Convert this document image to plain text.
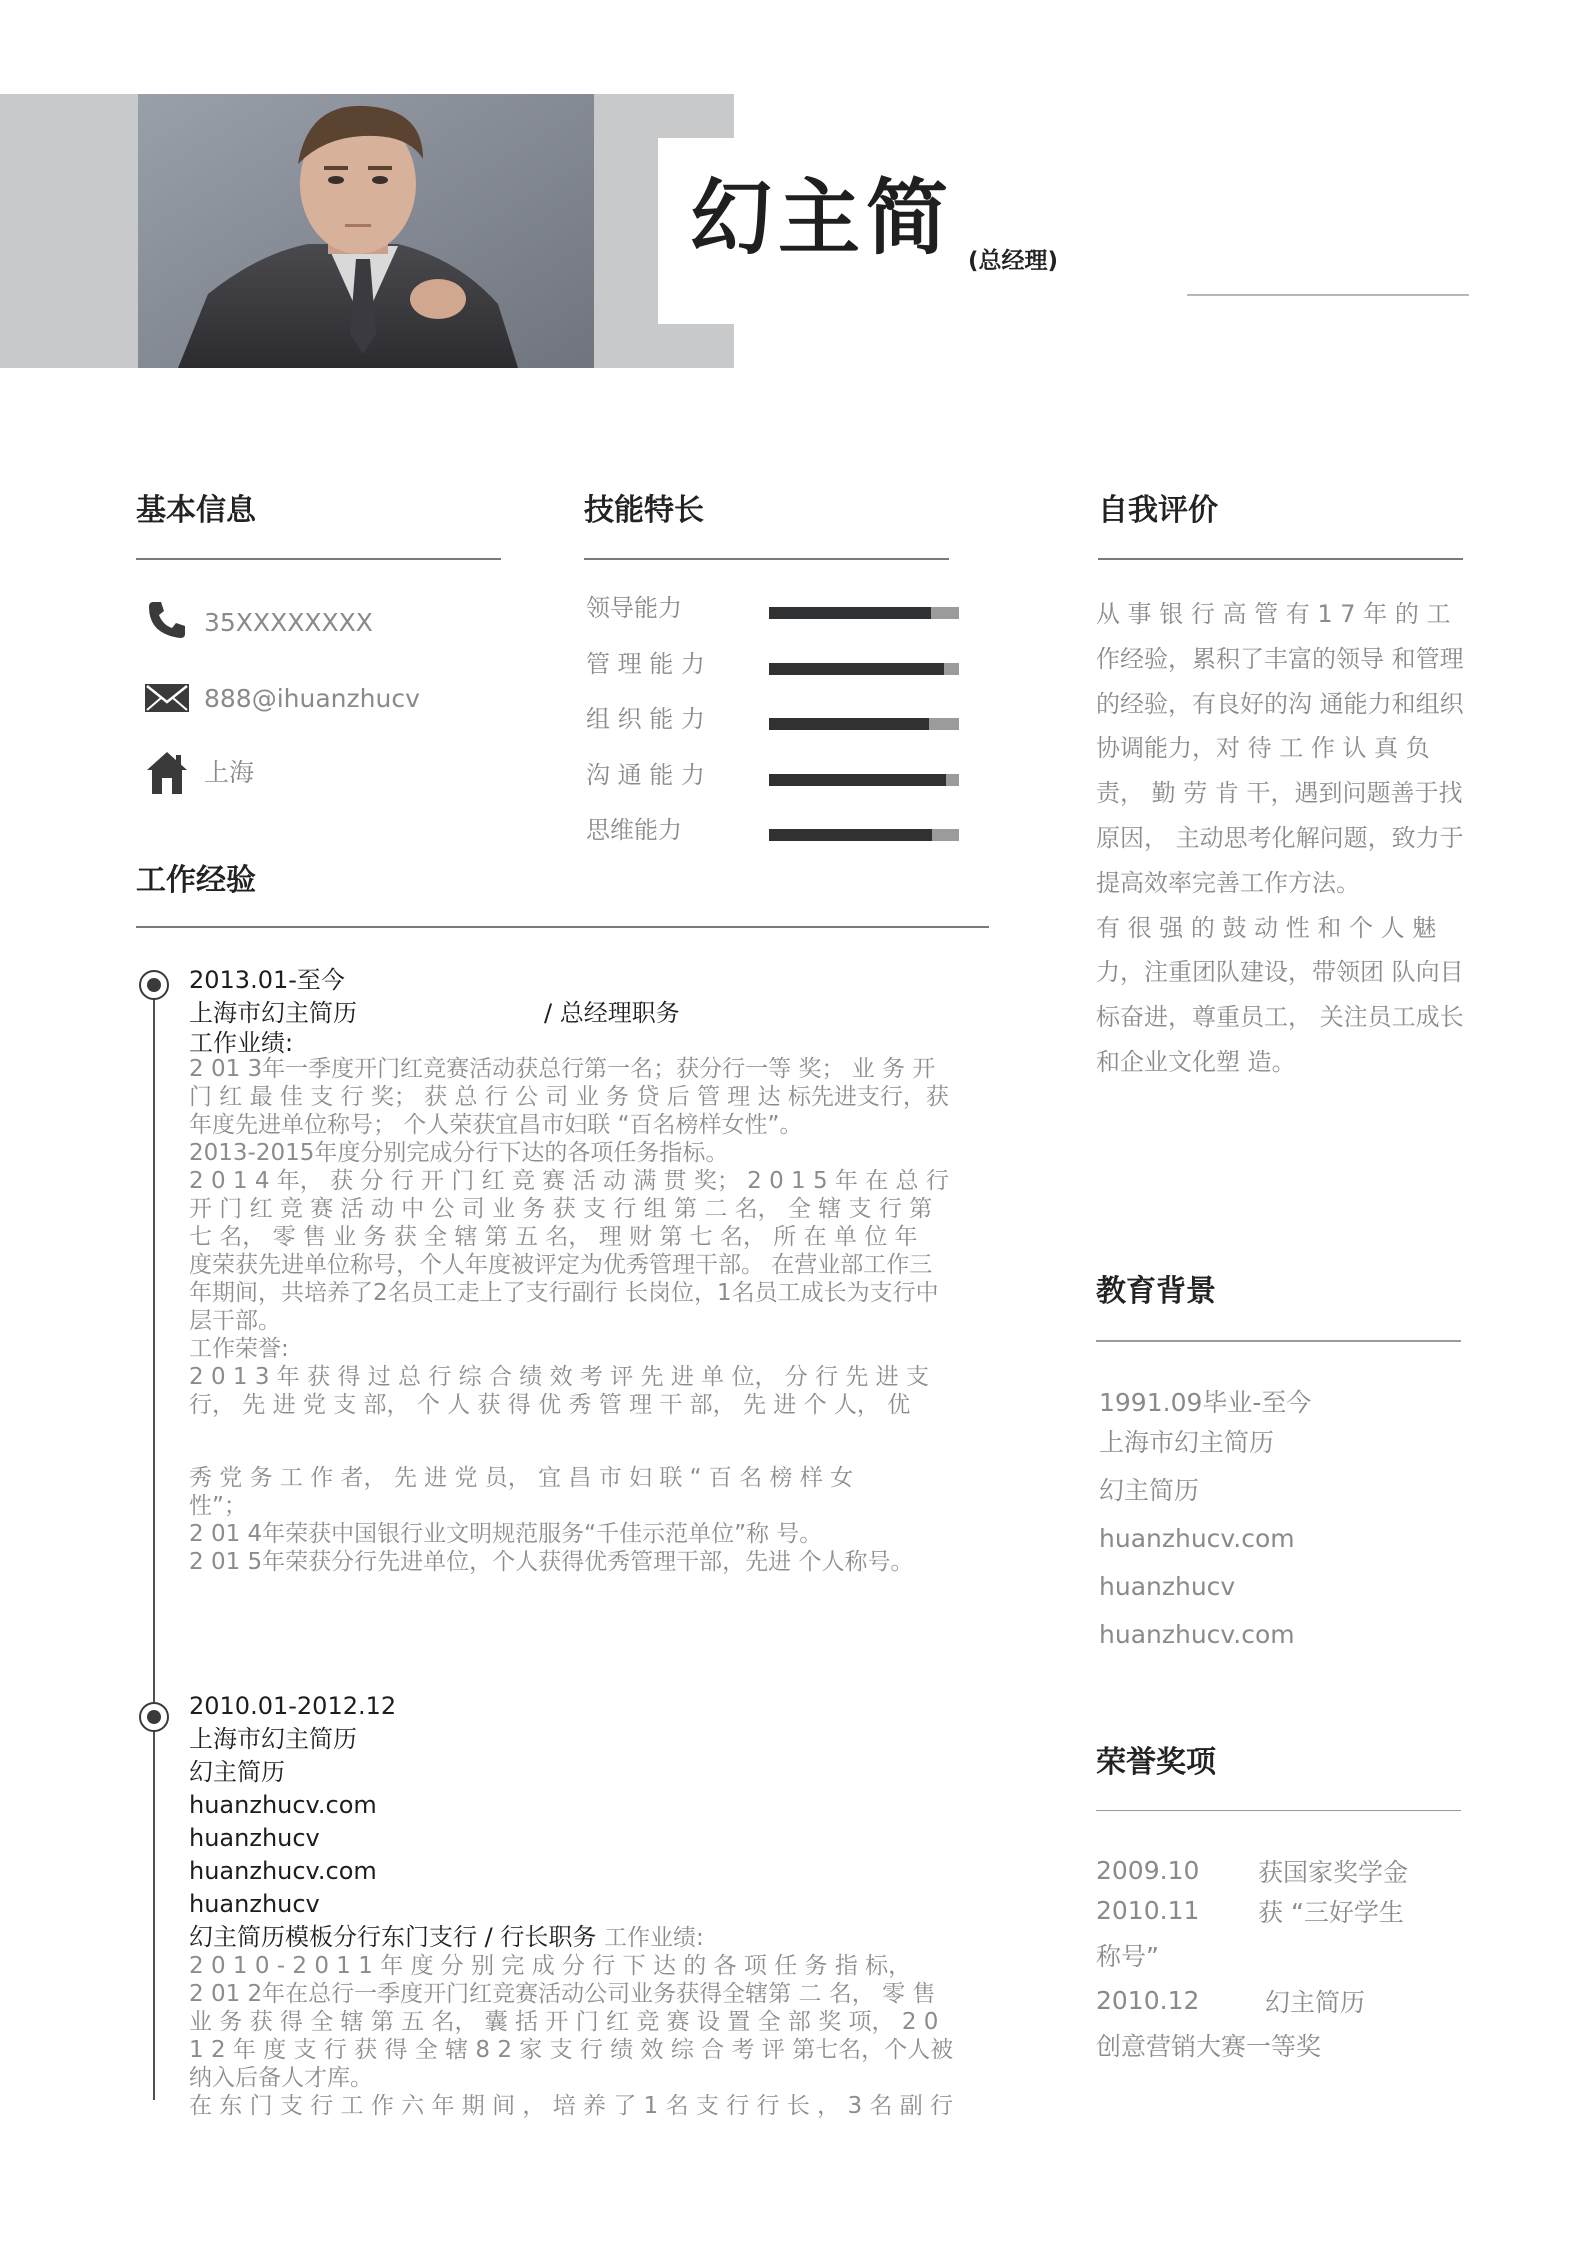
幻主简 (总经理)
基本信息
35XXXXXXXX
888@ihuanzhucv
上海
技能特长
领导能力
管 理 能 力
组 织 能 力
沟 通 能 力
思维能力
工作经验
2013.01-至今
上海市幻主简历	/ 总经理职务
工作业绩:
2 01 3年一季度开门红竞赛活动获总行第一名；获分行一等 奖； 业 务 开
门 红 最 佳 支 行 奖； 获 总 行 公 司 业 务 贷 后 管 理 达 标先进支行，获
年度先进单位称号； 个人荣获宜昌市妇联 “百名榜样女性”。
2013-2015年度分别完成分行下达的各项任务指标。
2 0 1 4 年， 获 分 行 开 门 红 竞 赛 活 动 满 贯 奖； 2 0 1 5 年 在 总 行
开 门 红 竞 赛 活 动 中 公 司 业 务 获 支 行 组 第 二 名， 全 辖 支 行 第
七 名， 零 售 业 务 获 全 辖 第 五 名， 理 财 第 七 名， 所 在 单 位 年
度荣获先进单位称号，个人年度被评定为优秀管理干部。 在营业部工作三
年期间，共培养了2名员工走上了支行副行 长岗位，1名员工成长为支行中
层干部。
工作荣誉:
2 0 1 3 年 获 得 过 总 行 综 合 绩 效 考 评 先 进 单 位， 分 行 先 进 支
行， 先 进 党 支 部， 个 人 获 得 优 秀 管 理 干 部， 先 进 个 人， 优
秀 党 务 工 作 者， 先 进 党 员， 宜 昌 市 妇 联 “ 百 名 榜 样 女
性”；
2 01 4年荣获中国银行业文明规范服务“千佳示范单位”称 号。
2 01 5年荣获分行先进单位，个人获得优秀管理干部，先进 个人称号。
2010.01-2012.12
上海市幻主简历
幻主简历
huanzhucv.com
huanzhucv
huanzhucv.com
huanzhucv
幻主简历模板分行东门支行 / 行长职务 工作业绩:
2 0 1 0 - 2 0 1 1 年 度 分 别 完 成 分 行 下 达 的 各 项 任 务 指 标，
2 01 2年在总行一季度开门红竞赛活动公司业务获得全辖第 二 名， 零 售
业 务 获 得 全 辖 第 五 名， 囊 括 开 门 红 竞 赛 设 置 全 部 奖 项， 2 0
1 2 年 度 支 行 获 得 全 辖 8 2 家 支 行 绩 效 综 合 考 评 第七名，个人被
纳入后备人才库。
在 东 门 支 行 工 作 六 年 期 间 ， 培 养 了 1 名 支 行 行 长 ， 3 名 副 行
自我评价
从 事 银 行 高 管 有 1 7 年 的 工
作经验，累积了丰富的领导 和管理
的经验，有良好的沟 通能力和组织
协调能力，对 待 工 作 认 真 负
责， 勤 劳 肯 干，遇到问题善于找
原因， 主动思考化解问题，致力于
提高效率完善工作方法。
有 很 强 的 鼓 动 性 和 个 人 魅
力，注重团队建设，带领团 队向目
标奋进，尊重员工， 关注员工成长
和企业文化塑 造。
教育背景
1991.09毕业-至今
上海市幻主简历
幻主简历
huanzhucv.com
huanzhucv
huanzhucv.com
荣誉奖项
2009.10 获国家奖学金
2010.11 获 “三好学生
称号”
2010.12	幻主简历
创意营销大赛一等奖
